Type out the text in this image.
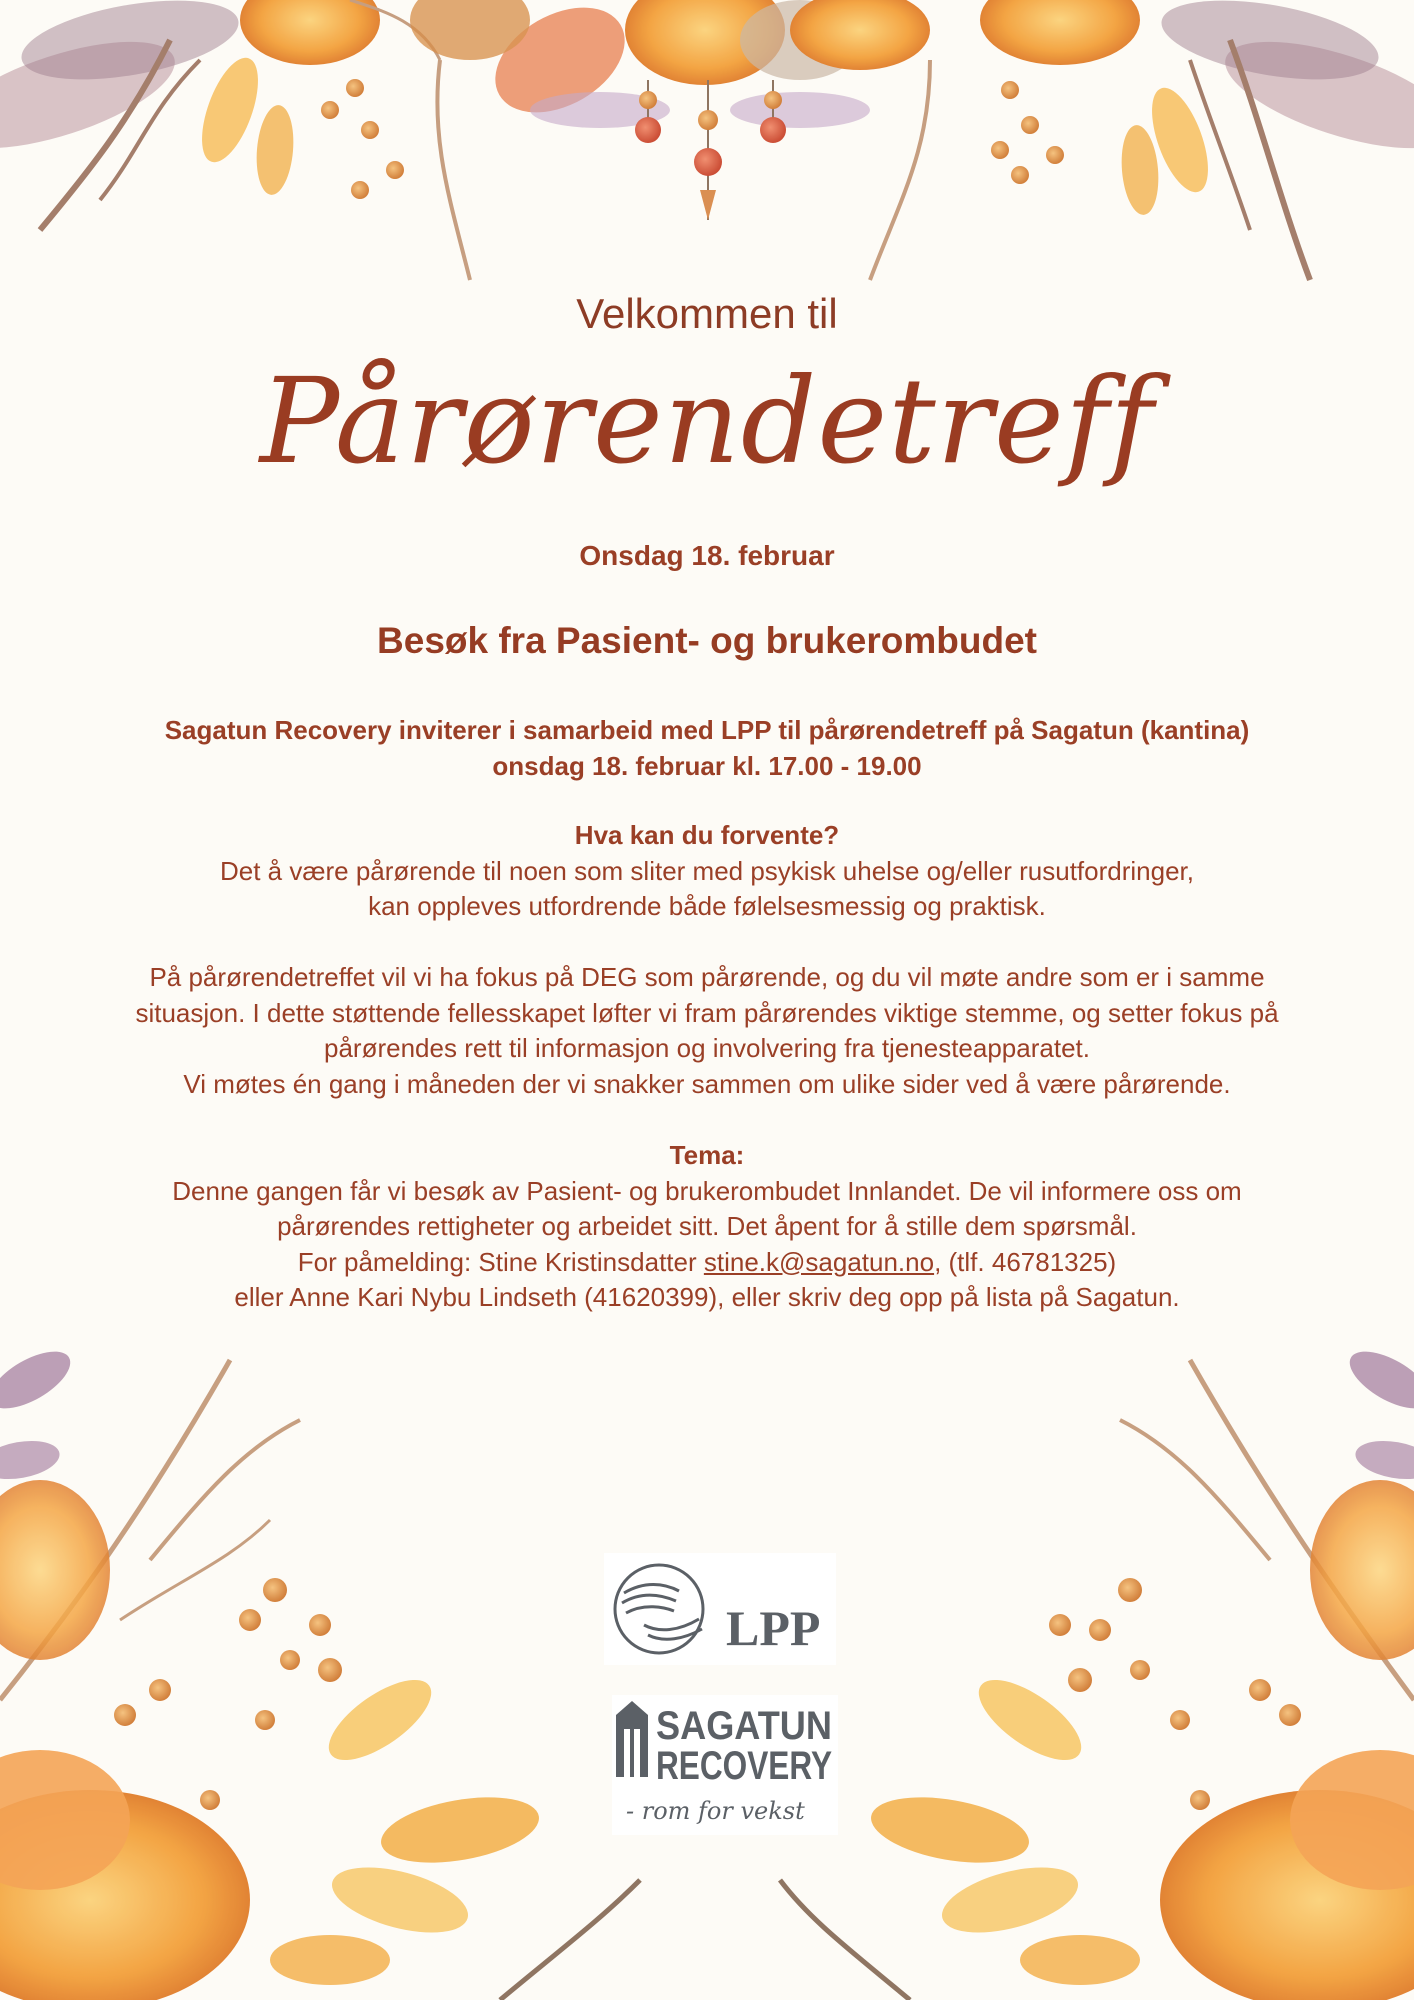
Velkommen til
Pårørendetreff
Onsdag 18. februar
Besøk fra Pasient- og brukerombudet
Sagatun Recovery inviterer i samarbeid med LPP til pårørendetreff på Sagatun (kantina)
onsdag 18. februar kl. 17.00 - 19.00
Hva kan du forvente?
Det å være pårørende til noen som sliter med psykisk uhelse og/eller rusutfordringer,
kan oppleves utfordrende både følelsesmessig og praktisk.
På pårørendetreffet vil vi ha fokus på DEG som pårørende, og du vil møte andre som er i samme
situasjon. I dette støttende fellesskapet løfter vi fram pårørendes viktige stemme, og setter fokus på
pårørendes rett til informasjon og involvering fra tjenesteapparatet.
Vi møtes én gang i måneden der vi snakker sammen om ulike sider ved å være pårørende.
Tema:
Denne gangen får vi besøk av Pasient- og brukerombudet Innlandet. De vil informere oss om
pårørendes rettigheter og arbeidet sitt. Det åpent for å stille dem spørsmål.
For påmelding: Stine Kristinsdatter stine.k@sagatun.no, (tlf. 46781325)
eller Anne Kari Nybu Lindseth (41620399), eller skriv deg opp på lista på Sagatun.
LPP
SAGATUN
RECOVERY
- rom for vekst
